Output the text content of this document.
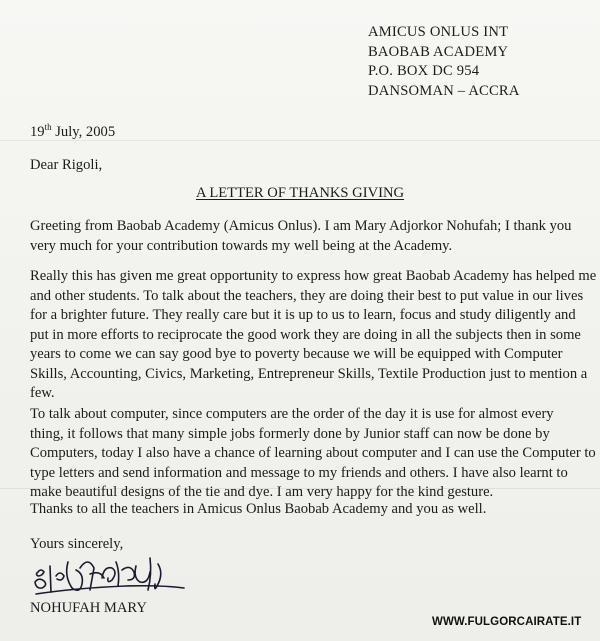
AMICUS ONLUS INT
BAOBAB ACADEMY
P.O. BOX DC 954
DANSOMAN – ACCRA
19th July, 2005
Dear Rigoli,
A LETTER OF THANKS GIVING
Greeting from Baobab Academy (Amicus Onlus). I am Mary Adjorkor Nohufah; I thank you
very much for your contribution towards my well being at the Academy.
Really this has given me great opportunity to express how great Baobab Academy has helped me
and other students. To talk about the teachers, they are doing their best to put value in our lives
for a brighter future. They really care but it is up to us to learn, focus and study diligently and
put in more efforts to reciprocate the good work they are doing in all the subjects then in some
years to come we can say good bye to poverty because we will be equipped with Computer
Skills, Accounting, Civics, Marketing, Entrepreneur Skills, Textile Production just to mention a
few.
To talk about computer, since computers are the order of the day it is use for almost every
thing, it follows that many simple jobs formerly done by Junior staff can now be done by
Computers, today I also have a chance of learning about computer and I can use the Computer to
type letters and send information and message to my friends and others. I have also learnt to
make beautiful designs of the tie and dye. I am very happy for the kind gesture.
Thanks to all the teachers in Amicus Onlus Baobab Academy and you as well.
Yours sincerely,
NOHUFAH MARY
WWW.FULGORCAIRATE.IT
